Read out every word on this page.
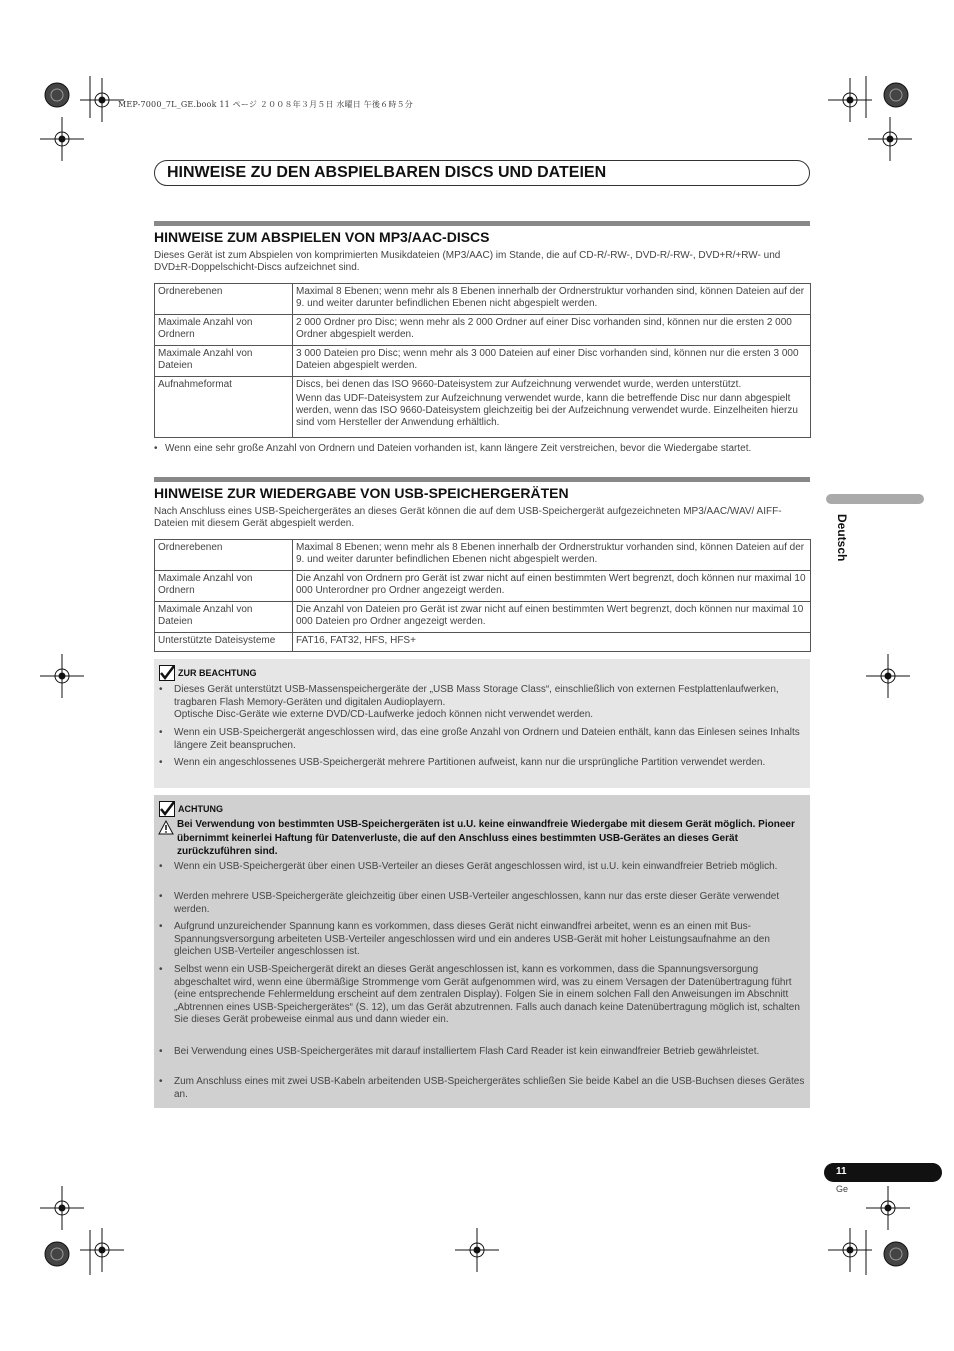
MEP-7000_7L_GE.book 11 ページ ２００８年３月５日 水曜日 午後６時５分
HINWEISE ZU DEN ABSPIELBAREN DISCS UND DATEIEN
HINWEISE ZUM ABSPIELEN VON MP3/AAC-DISCS
Dieses Gerät ist zum Abspielen von komprimierten Musikdateien (MP3/AAC) im Stande, die auf CD-R/-RW-, DVD-R/-RW-, DVD+R/+RW- und DVD±R-Doppelschicht-Discs aufzeichnet sind.
Ordnerebenen	Maximal 8 Ebenen; wenn mehr als 8 Ebenen innerhalb der Ordnerstruktur vorhanden sind, können Dateien auf der 9. und weiter darunter befindlichen Ebenen nicht abgespielt werden.
Maximale Anzahl von Ordnern	2 000 Ordner pro Disc; wenn mehr als 2 000 Ordner auf einer Disc vorhanden sind, können nur die ersten 2 000 Ordner abgespielt werden.
Maximale Anzahl von Dateien	3 000 Dateien pro Disc; wenn mehr als 3 000 Dateien auf einer Disc vorhanden sind, können nur die ersten 3 000 Dateien abgespielt werden.
Aufnahmeformat	Discs, bei denen das ISO 9660-Dateisystem zur Aufzeichnung verwendet wurde, werden unterstützt.
Wenn das UDF-Dateisystem zur Aufzeichnung verwendet wurde, kann die betreffende Disc nur dann abgespielt werden, wenn das ISO 9660-Dateisystem gleichzeitig bei der Aufzeichnung verwendet wurde. Einzelheiten hierzu sind vom Hersteller der Anwendung erhältlich.
• Wenn eine sehr große Anzahl von Ordnern und Dateien vorhanden ist, kann längere Zeit verstreichen, bevor die Wiedergabe startet.
HINWEISE ZUR WIEDERGABE VON USB-SPEICHERGERÄTEN
Nach Anschluss eines USB-Speichergerätes an dieses Gerät können die auf dem USB-Speichergerät aufgezeichneten MP3/AAC/WAV/ AIFF-Dateien mit diesem Gerät abgespielt werden.
Ordnerebenen	Maximal 8 Ebenen; wenn mehr als 8 Ebenen innerhalb der Ordnerstruktur vorhanden sind, können Dateien auf der 9. und weiter darunter befindlichen Ebenen nicht abgespielt werden.
Maximale Anzahl von Ordnern	Die Anzahl von Ordnern pro Gerät ist zwar nicht auf einen bestimmten Wert begrenzt, doch können nur maximal 10 000 Unterordner pro Ordner angezeigt werden.
Maximale Anzahl von Dateien	Die Anzahl von Dateien pro Gerät ist zwar nicht auf einen bestimmten Wert begrenzt, doch können nur maximal 10 000 Dateien pro Ordner angezeigt werden.
Unterstützte Dateisysteme	FAT16, FAT32, HFS, HFS+
ZUR BEACHTUNG
• Dieses Gerät unterstützt USB-Massenspeichergeräte der „USB Mass Storage Class“, einschließlich von externen Festplattenlaufwerken, tragbaren Flash Memory-Geräten und digitalen Audioplayern.
Optische Disc-Geräte wie externe DVD/CD-Laufwerke jedoch können nicht verwendet werden.
• Wenn ein USB-Speichergerät angeschlossen wird, das eine große Anzahl von Ordnern und Dateien enthält, kann das Einlesen seines Inhalts längere Zeit beanspruchen.
• Wenn ein angeschlossenes USB-Speichergerät mehrere Partitionen aufweist, kann nur die ursprüngliche Partition verwendet werden.
ACHTUNG
Bei Verwendung von bestimmten USB-Speichergeräten ist u.U. keine einwandfreie Wiedergabe mit diesem Gerät möglich. Pioneer übernimmt keinerlei Haftung für Datenverluste, die auf den Anschluss eines bestimmten USB-Gerätes an dieses Gerät zurückzuführen sind.
• Wenn ein USB-Speichergerät über einen USB-Verteiler an dieses Gerät angeschlossen wird, ist u.U. kein einwandfreier Betrieb möglich.
• Werden mehrere USB-Speichergeräte gleichzeitig über einen USB-Verteiler angeschlossen, kann nur das erste dieser Geräte verwendet werden.
• Aufgrund unzureichender Spannung kann es vorkommen, dass dieses Gerät nicht einwandfrei arbeitet, wenn es an einen mit Bus-Spannungsversorgung arbeiteten USB-Verteiler angeschlossen wird und ein anderes USB-Gerät mit hoher Leistungsaufnahme an den gleichen USB-Verteiler angeschlossen ist.
• Selbst wenn ein USB-Speichergerät direkt an dieses Gerät angeschlossen ist, kann es vorkommen, dass die Spannungsversorgung abgeschaltet wird, wenn eine übermäßige Strommenge vom Gerät aufgenommen wird, was zu einem Versagen der Datenübertragung führt (eine entsprechende Fehlermeldung erscheint auf dem zentralen Display). Folgen Sie in einem solchen Fall den Anweisungen im Abschnitt „Abtrennen eines USB-Speichergerätes“ (S. 12), um das Gerät abzutrennen. Falls auch danach keine Datenübertragung möglich ist, schalten Sie dieses Gerät probeweise einmal aus und dann wieder ein.
• Bei Verwendung eines USB-Speichergerätes mit darauf installiertem Flash Card Reader ist kein einwandfreier Betrieb gewährleistet.
• Zum Anschluss eines mit zwei USB-Kabeln arbeitenden USB-Speichergerätes schließen Sie beide Kabel an die USB-Buchsen dieses Gerätes an.
Deutsch
11
Ge
